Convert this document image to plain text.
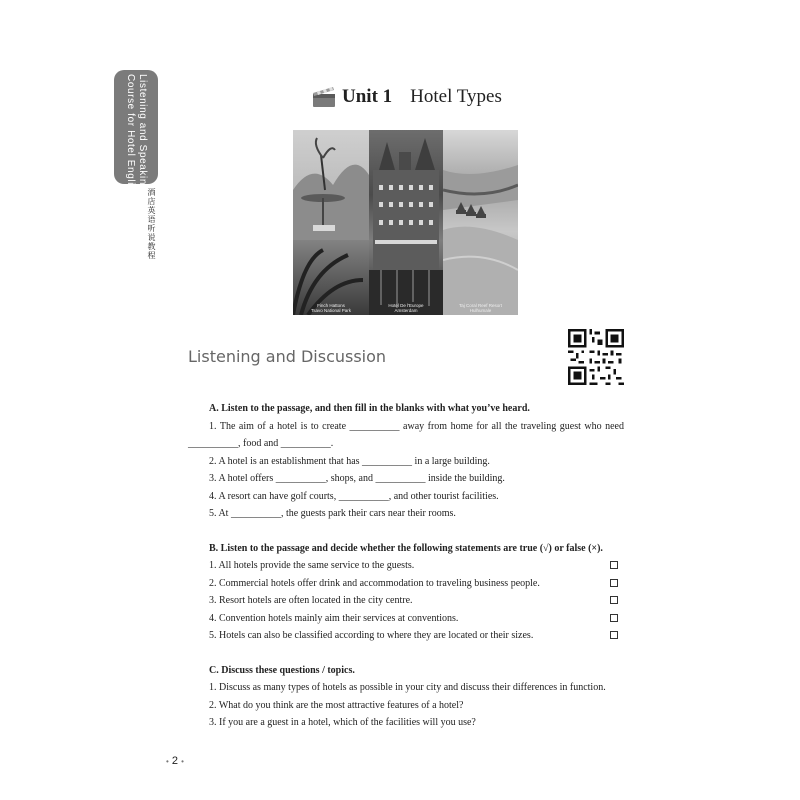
Listening and Speaking
Course for Hotel English
酒店英语听说教程
Unit 1 Hotel Types
Finch Hattons
Tsavo National Park
Hotel De l'Europe
Amsterdam
Taj Coral Reef Resort
Hulhumale
Listening and Discussion
A. Listen to the passage, and then fill in the blanks with what you’ve heard.
1. The aim of a hotel is to create __________ away from home for all the traveling guest who need __________, food and __________.
2. A hotel is an establishment that has __________ in a large building.
3. A hotel offers __________, shops, and __________ inside the building.
4. A resort can have golf courts, __________, and other tourist facilities.
5. At __________, the guests park their cars near their rooms.
B. Listen to the passage and decide whether the following statements are true (√) or false (×).
1. All hotels provide the same service to the guests.
2. Commercial hotels offer drink and accommodation to traveling business people.
3. Resort hotels are often located in the city centre.
4. Convention hotels mainly aim their services at conventions.
5. Hotels can also be classified according to where they are located or their sizes.
C. Discuss these questions / topics.
1. Discuss as many types of hotels as possible in your city and discuss their differences in function.
2. What do you think are the most attractive features of a hotel?
3. If you are a guest in a hotel, which of the facilities will you use?
• 2 •
